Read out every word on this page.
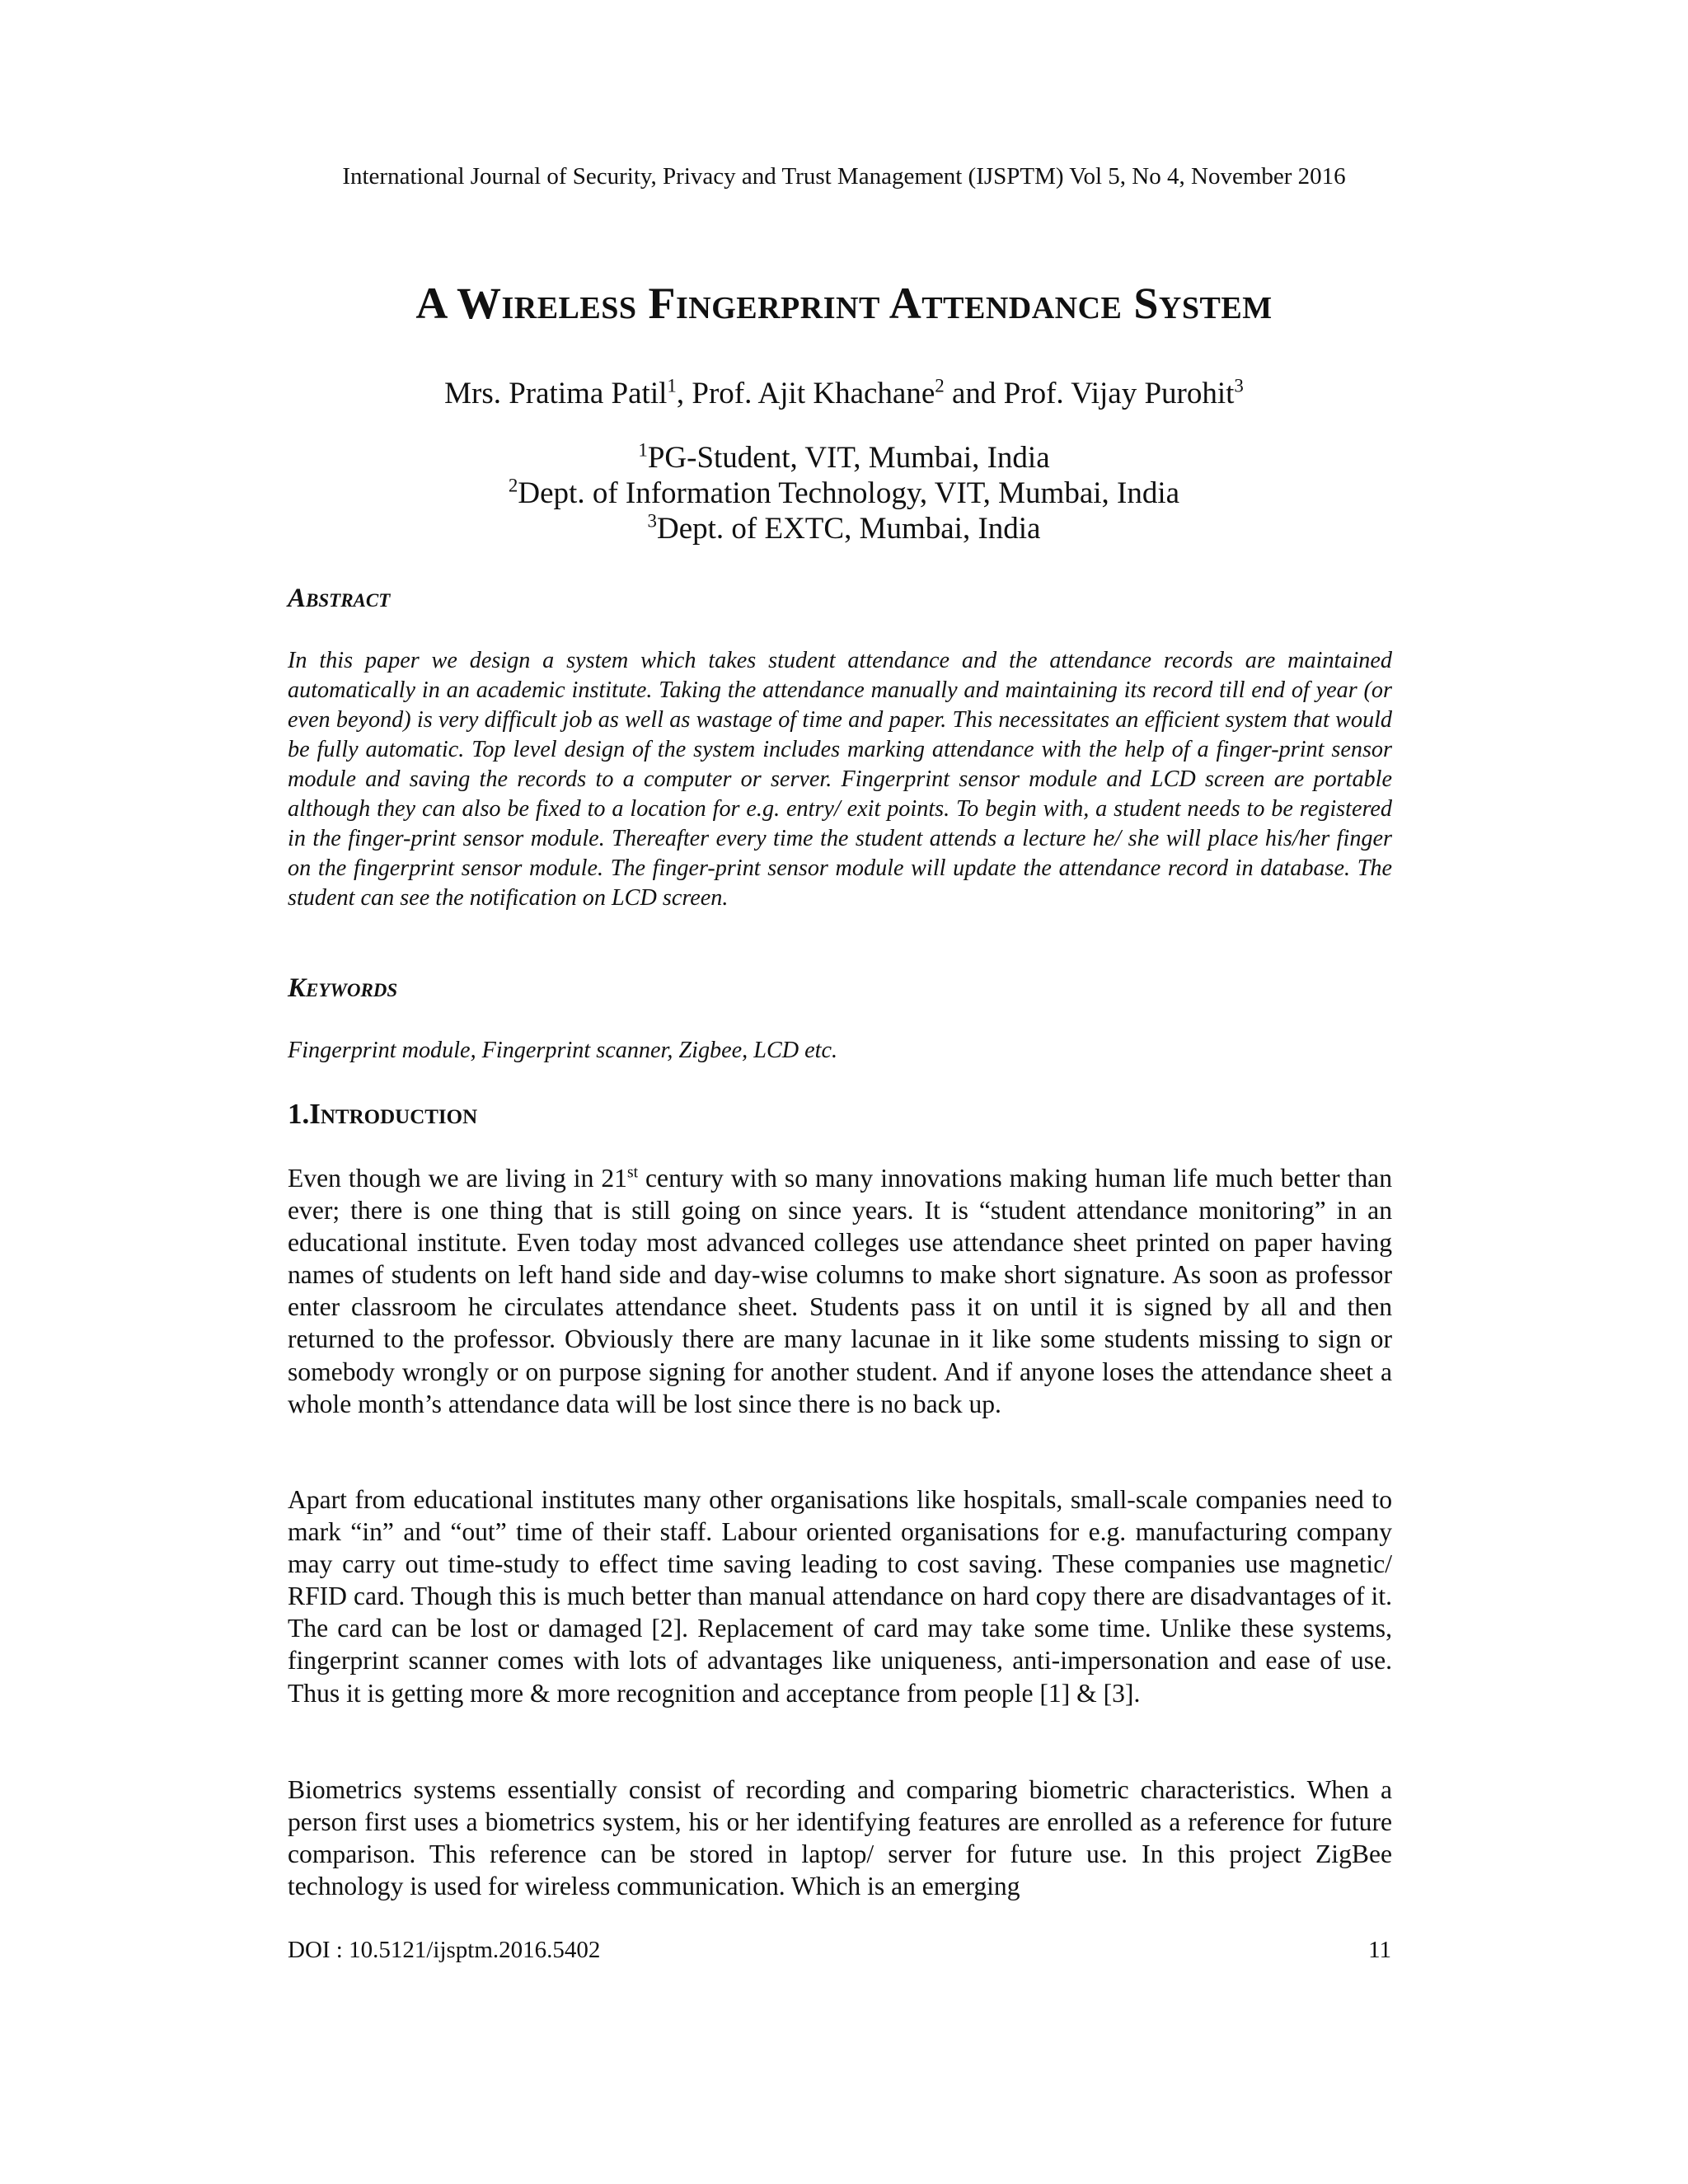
International Journal of Security, Privacy and Trust Management (IJSPTM) Vol 5, No 4, November 2016
A Wireless Fingerprint Attendance System
Mrs. Pratima Patil$^1$, Prof. Ajit Khachane$^2$ and Prof. Vijay Purohit$^3$
$^1$PG-Student, VIT, Mumbai, India
$^2$Dept. of Information Technology, VIT, Mumbai, India
$^3$Dept. of EXTC, Mumbai, India
Abstract

In this paper we design a system which takes student attendance and the attendance records are maintained automatically in an academic institute. Taking the attendance manually and maintaining its record till end of year (or even beyond) is very difficult job as well as wastage of time and paper. This necessitates an efficient system that would be fully automatic. Top level design of the system includes marking attendance with the help of a finger-print sensor module and saving the records to a computer or server. Fingerprint sensor module and LCD screen are portable although they can also be fixed to a location for e.g. entry/ exit points. To begin with, a student needs to be registered in the finger-print sensor module. Thereafter every time the student attends a lecture he/ she will place his/her finger on the fingerprint sensor module. The finger-print sensor module will update the attendance record in database. The student can see the notification on LCD screen.

Keywords

Fingerprint module, Fingerprint scanner, Zigbee, LCD etc.

1.Introduction

Even though we are living in 21st century with so many innovations making human life much better than ever; there is one thing that is still going on since years. It is “student attendance monitoring” in an educational institute. Even today most advanced colleges use attendance sheet printed on paper having names of students on left hand side and day-wise columns to make short signature. As soon as professor enter classroom he circulates attendance sheet. Students pass it on until it is signed by all and then returned to the professor. Obviously there are many lacunae in it like some students missing to sign or somebody wrongly or on purpose signing for another student. And if anyone loses the attendance sheet a whole month’s attendance data will be lost since there is no back up.

Apart from educational institutes many other organisations like hospitals, small-scale companies need to mark “in” and “out” time of their staff. Labour oriented organisations for e.g. manufacturing company may carry out time-study to effect time saving leading to cost saving. These companies use magnetic/ RFID card. Though this is much better than manual attendance on hard copy there are disadvantages of it. The card can be lost or damaged [2]. Replacement of card may take some time. Unlike these systems, fingerprint scanner comes with lots of advantages like uniqueness, anti-impersonation and ease of use. Thus it is getting more & more recognition and acceptance from people [1] & [3].

Biometrics systems essentially consist of recording and comparing biometric characteristics. When a person first uses a biometrics system, his or her identifying features are enrolled as a reference for future comparison. This reference can be stored in laptop/ server for future use. In this project ZigBee technology is used for wireless communication. Which is an emerging

DOI : 10.5121/ijsptm.2016.5402	11
